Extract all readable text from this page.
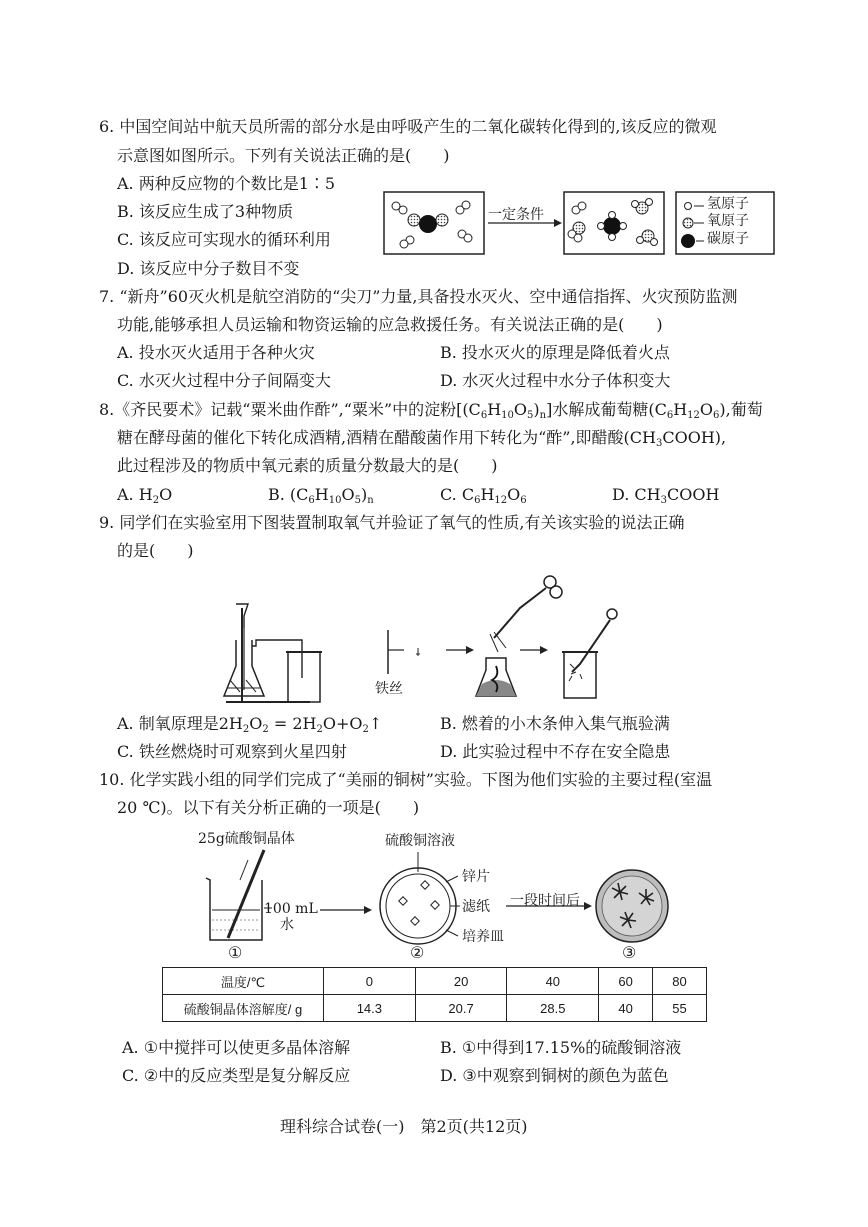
6. 中国空间站中航天员所需的部分水是由呼吸产生的二氧化碳转化得到的,该反应的微观
示意图如图所示。下列有关说法正确的是(　　)
A. 两种反应物的个数比是1∶5
B. 该反应生成了3种物质
C. 该反应可实现水的循环利用
D. 该反应中分子数目不变
一定条件
氢原子
氧原子
碳原子
7. “新舟”60灭火机是航空消防的“尖刀”力量,具备投水灭火、空中通信指挥、火灾预防监测
功能,能够承担人员运输和物资运输的应急救援任务。有关说法正确的是(　　)
A. 投水灭火适用于各种火灾	B. 投水灭火的原理是降低着火点
C. 水灭火过程中分子间隔变大	D. 水灭火过程中水分子体积变大
8.《齐民要术》记载“粟米曲作酢”,“粟米”中的淀粉$[(C_6H_{10}O_5)_n]$水解成葡萄糖$(C_6H_{12}O_6)$,葡萄
糖在酵母菌的催化下转化成酒精,酒精在醋酸菌作用下转化为“酢”,即醋酸$(CH_3COOH)$,
此过程涉及的物质中氧元素的质量分数最大的是(　　)
A. $H_2O$	B. $(C_6H_{10}O_5)_n$	C. $C_6H_{12}O_6$	D. $CH_3COOH$
9. 同学们在实验室用下图装置制取氧气并验证了氧气的性质,有关该实验的说法正确
的是(　　)
铁丝
A. 制氧原理是$2H_2O_2$ = $2H_2O+O_2↑$	B. 燃着的小木条伸入集气瓶验满
C. 铁丝燃烧时可观察到火星四射	D. 此实验过程中不存在安全隐患
10. 化学实践小组的同学们完成了“美丽的铜树”实验。下图为他们实验的主要过程(室温
20 ℃)。以下有关分析正确的一项是(　　)
25g硫酸铜晶体
100 mL
水
硫酸铜溶液
锌片
滤纸
培养皿
一段时间后
①	②	③
温度/℃	0	20	40	60	80
硫酸铜晶体溶解度/ g	14.3	20.7	28.5	40	55
A. ①中搅拌可以使更多晶体溶解	B. ①中得到17.15%的硫酸铜溶液
C. ②中的反应类型是复分解反应	D. ③中观察到铜树的颜色为蓝色
理科综合试卷(一)　第2页(共12页)
